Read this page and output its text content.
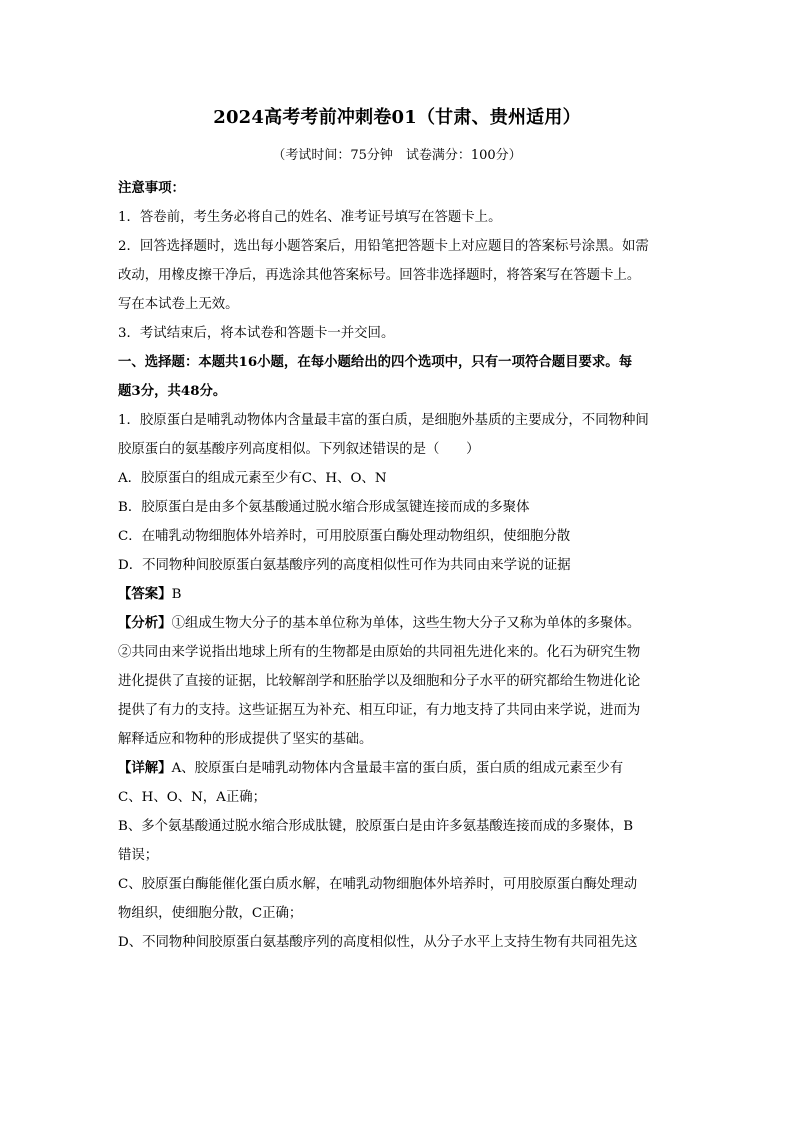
2024高考考前冲刺卷01（甘肃、贵州适用）
（考试时间：75分钟　试卷满分：100分）
注意事项：
1．答卷前，考生务必将自己的姓名、准考证号填写在答题卡上。
2．回答选择题时，选出每小题答案后，用铅笔把答题卡上对应题目的答案标号涂黑。如需
改动，用橡皮擦干净后，再选涂其他答案标号。回答非选择题时，将答案写在答题卡上。
写在本试卷上无效。
3．考试结束后，将本试卷和答题卡一并交回。
一、选择题：本题共16小题，在每小题给出的四个选项中，只有一项符合题目要求。每
题3分，共48分。
1．胶原蛋白是哺乳动物体内含量最丰富的蛋白质，是细胞外基质的主要成分，不同物种间
胶原蛋白的氨基酸序列高度相似。下列叙述错误的是（　　）
A．胶原蛋白的组成元素至少有C、H、O、N
B．胶原蛋白是由多个氨基酸通过脱水缩合形成氢键连接而成的多聚体
C．在哺乳动物细胞体外培养时，可用胶原蛋白酶处理动物组织，使细胞分散
D．不同物种间胶原蛋白氨基酸序列的高度相似性可作为共同由来学说的证据
【答案】B
【分析】①组成生物大分子的基本单位称为单体，这些生物大分子又称为单体的多聚体。
②共同由来学说指出地球上所有的生物都是由原始的共同祖先进化来的。化石为研究生物
进化提供了直接的证据，比较解剖学和胚胎学以及细胞和分子水平的研究都给生物进化论
提供了有力的支持。这些证据互为补充、相互印证，有力地支持了共同由来学说，进而为
解释适应和物种的形成提供了坚实的基础。
【详解】A、胶原蛋白是哺乳动物体内含量最丰富的蛋白质，蛋白质的组成元素至少有
C、H、O、N，A正确；
B、多个氨基酸通过脱水缩合形成肽键，胶原蛋白是由许多氨基酸连接而成的多聚体，B
错误；
C、胶原蛋白酶能催化蛋白质水解，在哺乳动物细胞体外培养时，可用胶原蛋白酶处理动
物组织，使细胞分散，C正确；
D、不同物种间胶原蛋白氨基酸序列的高度相似性，从分子水平上支持生物有共同祖先这
